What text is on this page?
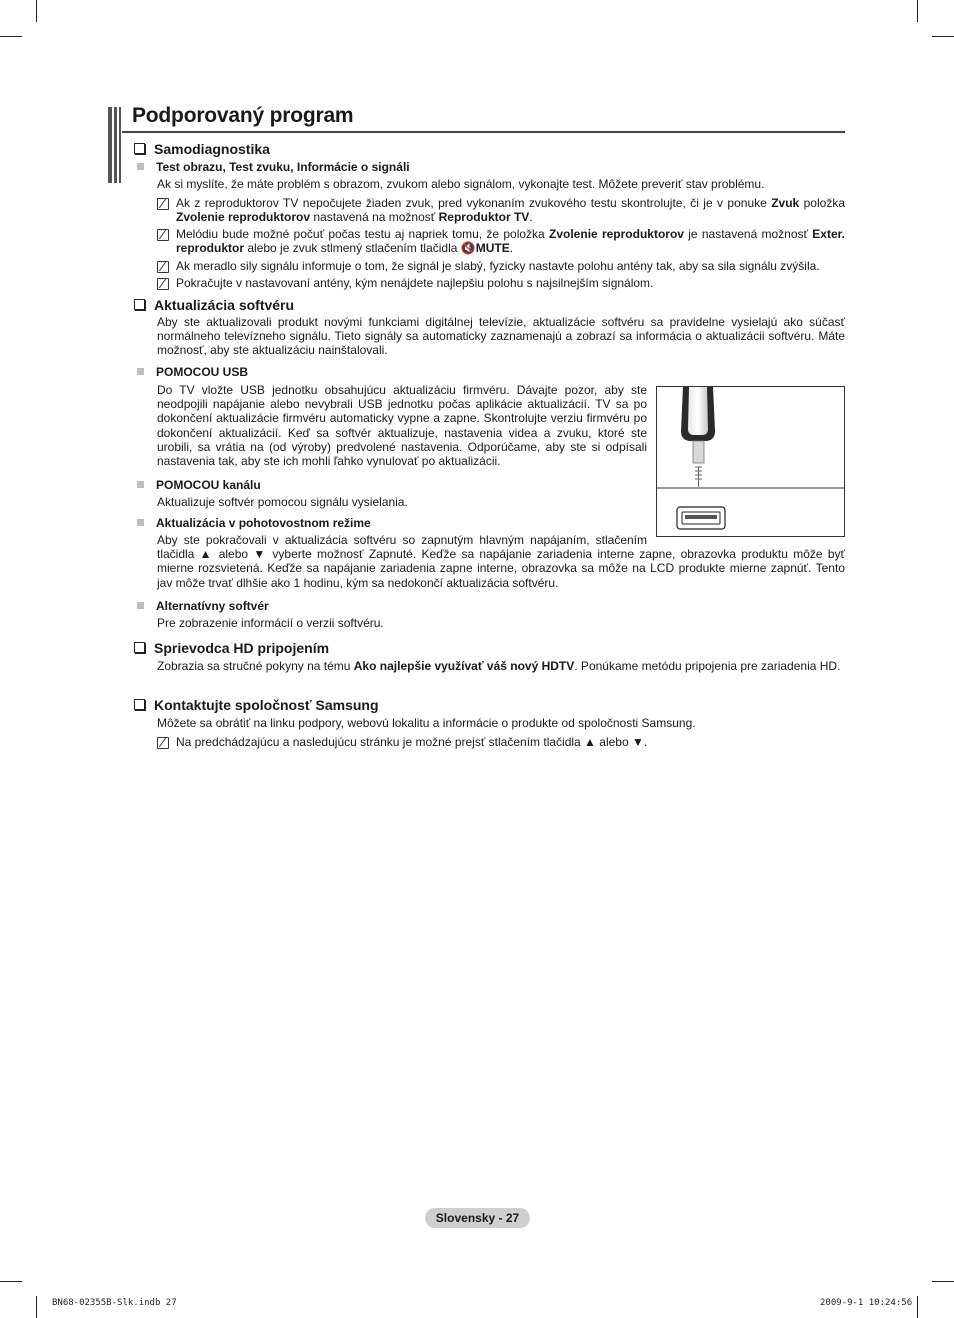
Podporovaný program
Samodiagnostika
Test obrazu, Test zvuku, Informácie o signáli
Ak si myslíte, že máte problém s obrazom, zvukom alebo signálom, vykonajte test. Môžete preveriť stav problému.
Ak z reproduktorov TV nepočujete žiaden zvuk, pred vykonaním zvukového testu skontrolujte, či je v ponuke Zvuk položka Zvolenie reproduktorov nastavená na možnosť Reproduktor TV.
Melódiu bude možné počuť počas testu aj napriek tomu, že položka Zvolenie reproduktorov je nastavená možnosť Exter. reproduktor alebo je zvuk stlmený stlačením tlačidla 🔇MUTE.
Ak meradlo sily signálu informuje o tom, že signál je slabý, fyzicky nastavte polohu antény tak, aby sa sila signálu zvýšila.
Pokračujte v nastavovaní antény, kým nenájdete najlepšiu polohu s najsilnejším signálom.
Aktualizácia softvéru
Aby ste aktualizovali produkt novými funkciami digitálnej televízie, aktualizácie softvéru sa pravidelne vysielajú ako súčasť normálneho televízneho signálu. Tieto signály sa automaticky zaznamenajú a zobrazí sa informácia o aktualizácii softvéru. Máte možnosť, aby ste aktualizáciu nainštalovali.
POMOCOU USB
Do TV vložte USB jednotku obsahujúcu aktualizáciu firmvéru. Dávajte pozor, aby ste neodpojili napájanie alebo nevybrali USB jednotku počas aplikácie aktualizácií. TV sa po dokončení aktualizácie firmvéru automaticky vypne a zapne. Skontrolujte verziu firmvéru po dokončení aktualizácií. Keď sa softvér aktualizuje, nastavenia videa a zvuku, ktoré ste urobili, sa vrátia na (od výroby) predvolené nastavenia. Odporúčame, aby ste si odpísali nastavenia tak, aby ste ich mohli ľahko vynulovať po aktualizácii.
POMOCOU kanálu
Aktualizuje softvér pomocou signálu vysielania.
Aktualizácia v pohotovostnom režime
Aby ste pokračovali v aktualizácia softvéru so zapnutým hlavným napájaním, stlačením tlačidla ▲ alebo ▼ vyberte možnosť Zapnuté. Keďže sa napájanie zariadenia interne zapne, obrazovka produktu môže byť mierne rozsvietená. Keďže sa napájanie zariadenia zapne interne, obrazovka sa môže na LCD produkte mierne zapnúť. Tento jav môže trvať dlhšie ako 1 hodinu, kým sa nedokončí aktualizácia softvéru.
Alternatívny softvér
Pre zobrazenie informácií o verzii softvéru.
Sprievodca HD pripojením
Zobrazia sa stručné pokyny na tému Ako najlepšie využívať váš nový HDTV. Ponúkame metódu pripojenia pre zariadenia HD.
Kontaktujte spoločnosť Samsung
Môžete sa obrátiť na linku podpory, webovú lokalitu a informácie o produkte od spoločnosti Samsung.
Na predchádzajúcu a nasledujúcu stránku je možné prejsť stlačením tlačidla ▲ alebo ▼.
Slovensky - 27
BN68-02355B-Slk.indb 27	2009-9-1 10:24:56
